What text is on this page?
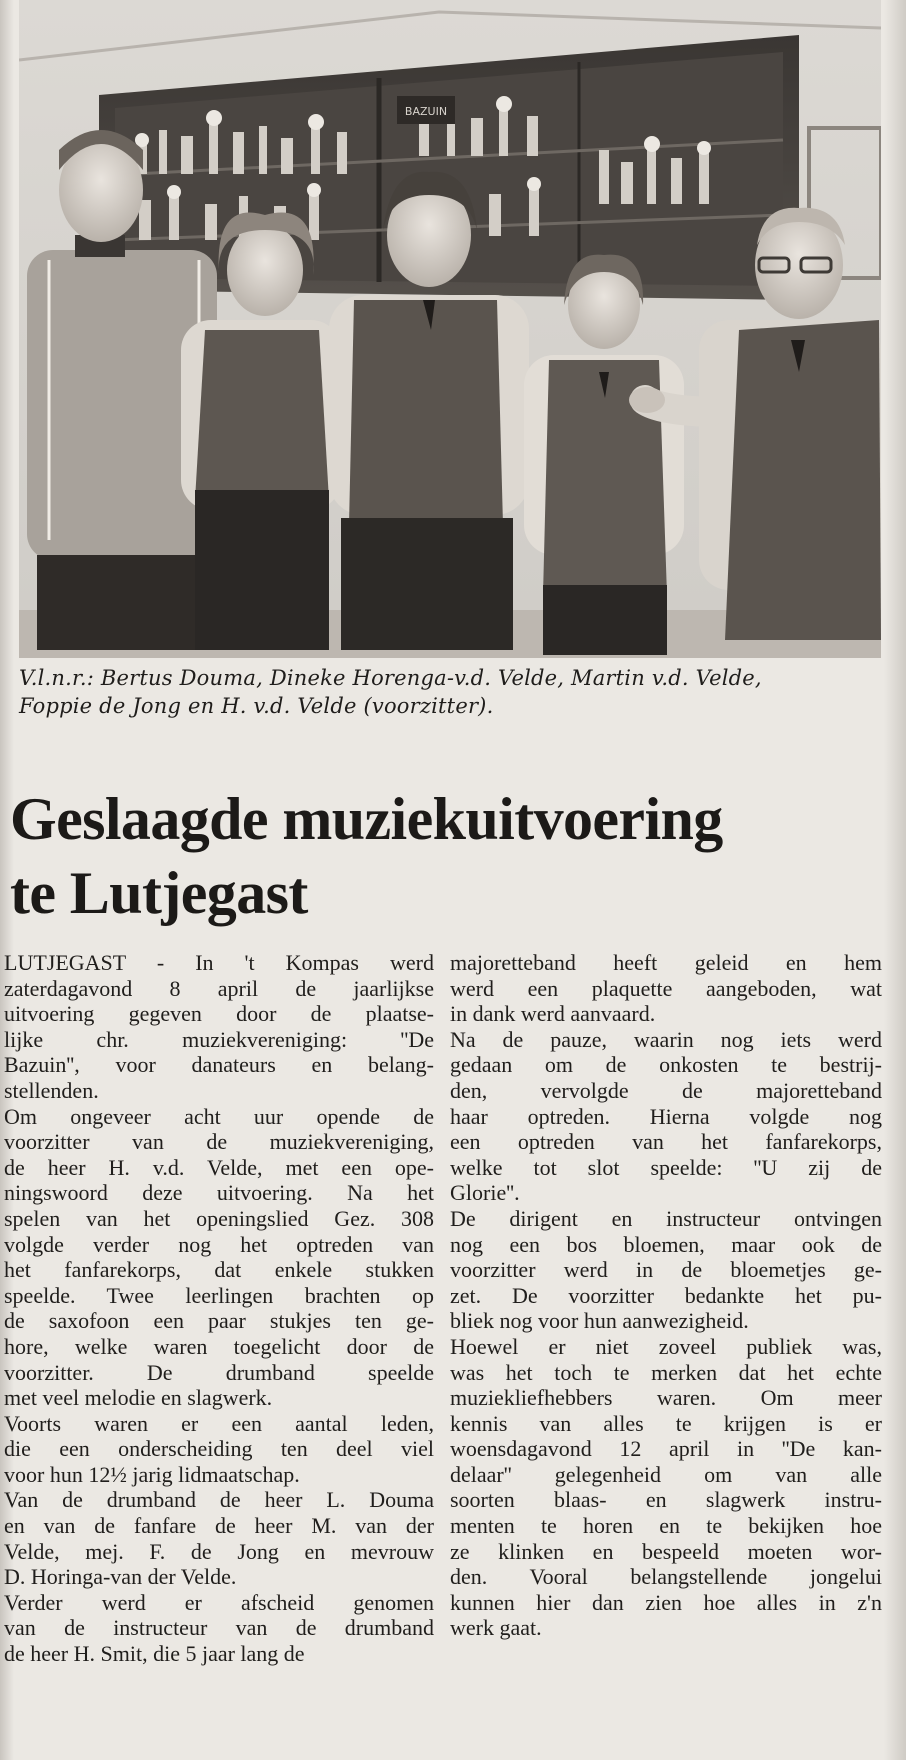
BAZUIN
V.l.n.r.: Bertus Douma, Dineke Horenga-v.d. Velde, Martin v.d. Velde,
Foppie de Jong en H. v.d. Velde (voorzitter).
Geslaagde muziekuitvoering
te Lutjegast
LUTJEGAST - In 't Kompas werd
zaterdagavond 8 april de jaarlijkse
uitvoering gegeven door de plaatse-
lijke chr. muziekvereniging: ''De
Bazuin'', voor danateurs en belang-
stellenden.
Om ongeveer acht uur opende de
voorzitter van de muziekvereniging,
de heer H. v.d. Velde, met een ope-
ningswoord deze uitvoering. Na het
spelen van het openingslied Gez. 308
volgde verder nog het optreden van
het fanfarekorps, dat enkele stukken
speelde. Twee leerlingen brachten op
de saxofoon een paar stukjes ten ge-
hore, welke waren toegelicht door de
voorzitter. De drumband speelde
met veel melodie en slagwerk.
Voorts waren er een aantal leden,
die een onderscheiding ten deel viel
voor hun 12½ jarig lidmaatschap.
Van de drumband de heer L. Douma
en van de fanfare de heer M. van der
Velde, mej. F. de Jong en mevrouw
D. Horinga-van der Velde.
Verder werd er afscheid genomen
van de instructeur van de drumband
de heer H. Smit, die 5 jaar lang de
majoretteband heeft geleid en hem
werd een plaquette aangeboden, wat
in dank werd aanvaard.
Na de pauze, waarin nog iets werd
gedaan om de onkosten te bestrij-
den, vervolgde de majoretteband
haar optreden. Hierna volgde nog
een optreden van het fanfarekorps,
welke tot slot speelde: ''U zij de
Glorie''.
De dirigent en instructeur ontvingen
nog een bos bloemen, maar ook de
voorzitter werd in de bloemetjes ge-
zet. De voorzitter bedankte het pu-
bliek nog voor hun aanwezigheid.
Hoewel er niet zoveel publiek was,
was het toch te merken dat het echte
muziekliefhebbers waren. Om meer
kennis van alles te krijgen is er
woensdagavond 12 april in ''De kan-
delaar'' gelegenheid om van alle
soorten blaas- en slagwerk instru-
menten te horen en te bekijken hoe
ze klinken en bespeeld moeten wor-
den. Vooral belangstellende jongelui
kunnen hier dan zien hoe alles in z'n
werk gaat.
